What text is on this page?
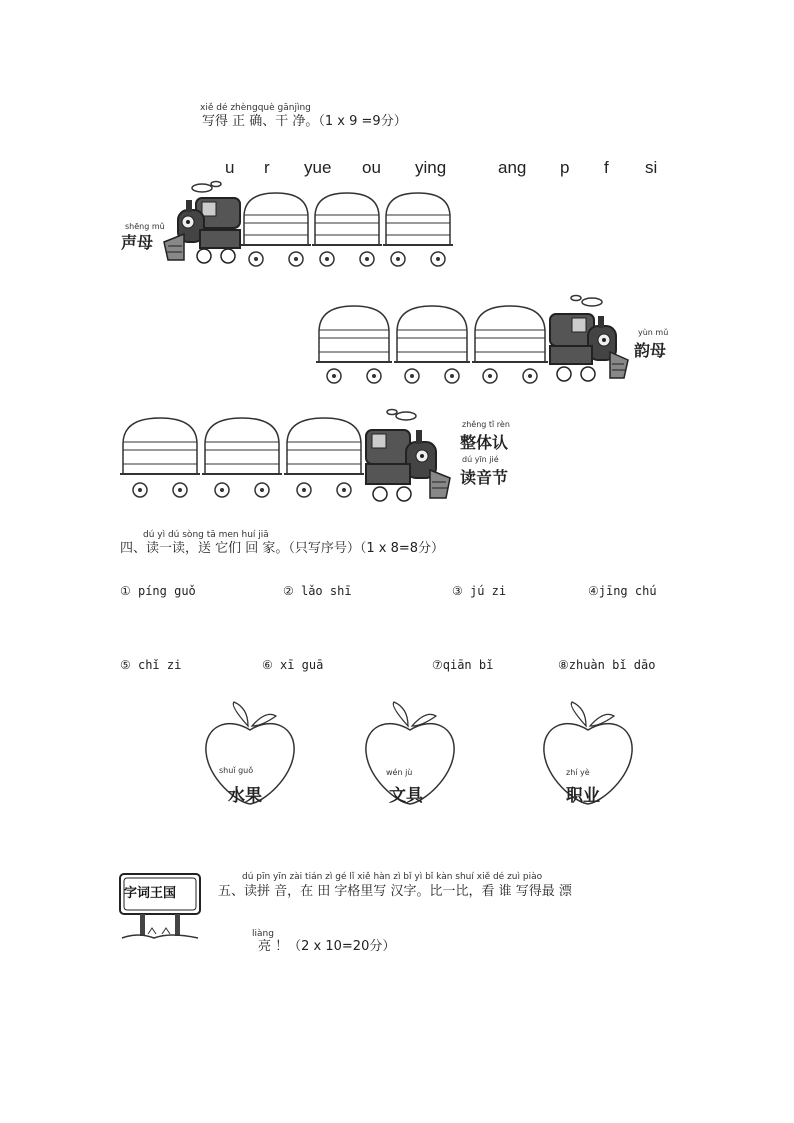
xiě dé zhèngquè gānjìng
写得 正 确、干 净。（1 x 9 =9分）
u r yue ou ying	ang p f si
shēng mǔ
声母
yùn mǔ
韵母
zhěng tǐ rèn
整体认
dú yīn jié
读音节
dú yì dú sòng tā men huí jiā
四、读一读，送 它们 回 家。（只写序号）（1 x 8=8分）
① píng guǒ	② lǎo shī	③ jú zi	④jīng chú
⑤ chǐ zi	⑥ xī guā	⑦qiān bǐ	⑧zhuàn bǐ dāo
shuǐ guǒ
水果
wén jù
文具
zhí yè
职业
字词王国
dú pīn yīn zài tián zì gé lǐ xiě hàn zì bǐ yì bǐ kàn shuí xiě dé zuì piào
五、读拼 音，在 田 字格里写 汉字。比一比，看 谁 写得最 漂
liàng
亮 ！（2 x 10=20分）
